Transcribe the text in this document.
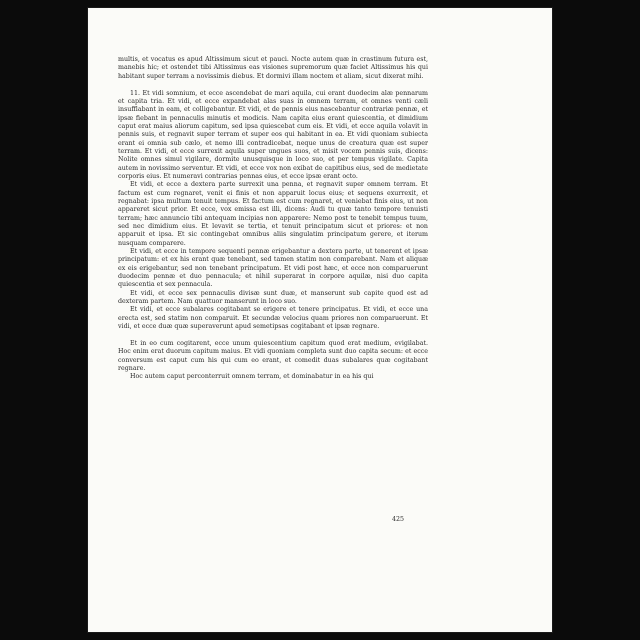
multis, et vocatus es apud Altissimum sicut et pauci. Nocte autem quæ in crastinum futura est, manebis hic; et ostendet tibi Altissimus eas visiones supremorum quæ faciet Altissimus his qui habitant super terram a novissimis diebus. Et dormivi illam noctem et aliam, sicut dixerat mihi.

11. Et vidi somnium, et ecce ascendebat de mari aquila, cui erant duodecim alæ pennarum et capita tria. Et vidi, et ecce expandebat alas suas in omnem terram, et omnes venti cæli insufflabant in eam, et colligebantur. Et vidi, et de pennis eius nascebantur contrariæ pennæ, et ipsæ fiebant in pennaculis minutis et modicis. Nam capita eius erant quiescentia, et dimidium caput erat maius aliorum capitum, sed ipsa quiescebat cum eis. Et vidi, et ecce aquila volavit in pennis suis, et regnavit super terram et super eos qui habitant in ea. Et vidi quoniam subiecta erant ei omnia sub cælo, et nemo illi contradicebat, neque unus de creatura quæ est super terram. Et vidi, et ecce surrexit aquila super ungues suos, et misit vocem pennis suis, dicens: Nolite omnes simul vigilare, dormite unusquisque in loco suo, et per tempus vigilate. Capita autem in novissimo serventur. Et vidi, et ecce vox non exibat de capitibus eius, sed de medietate corporis eius. Et numeravi contrarias pennas eius, et ecce ipsæ erant octo.

Et vidi, et ecce a dextera parte surrexit una penna, et regnavit super omnem terram. Et factum est cum regnaret, venit ei finis et non apparuit locus eius; et sequens exurrexit, et regnabat: ipsa multum tenuit tempus. Et factum est cum regnaret, et veniebat finis eius, ut non appareret sicut prior. Et ecce, vox emissa est illi, dicens: Audi tu quæ tanto tempore tenuisti terram; hæc annuncio tibi antequam incipias non apparere: Nemo post te tenebit tempus tuum, sed nec dimidium eius. Et levavit se tertia, et tenuit principatum sicut et priores: et non apparuit et ipsa. Et sic contingebat omnibus aliis singulatim principatum gerere, et iterum nusquam comparere.

Et vidi, et ecce in tempore sequenti pennæ erigebantur a dextera parte, ut tenerent et ipsæ principatum: et ex his erant quæ tenebant, sed tamen statim non comparebant. Nam et aliquæ ex eis erigebantur, sed non tenebant principatum. Et vidi post hæc, et ecce non comparuerunt duodecim pennæ et duo pennacula; et nihil superarat in corpore aquilæ, nisi duo capita quiescentia et sex pennacula.

Et vidi, et ecce sex pennaculis divisæ sunt duæ, et manserunt sub capite quod est ad dexteram partem. Nam quattuor manserunt in loco suo.

Et vidi, et ecce subalares cogitabant se erigere et tenere principatus. Et vidi, et ecce una erecta est, sed statim non comparuit. Et secundæ velocius quam priores non comparuerunt. Et vidi, et ecce duæ quæ superaverunt apud semetipsas cogitabant et ipsæ regnare.

Et in eo cum cogitarent, ecce unum quiescentium capitum quod erat medium, evigilabat. Hoc enim erat duorum capitum maius. Et vidi quoniam completa sunt duo capita secum: et ecce conversum est caput cum his qui cum eo erant, et comedit duas subalares quæ cogitabant regnare.

Hoc autem caput perconterruit omnem terram, et dominabatur in ea his qui

425
